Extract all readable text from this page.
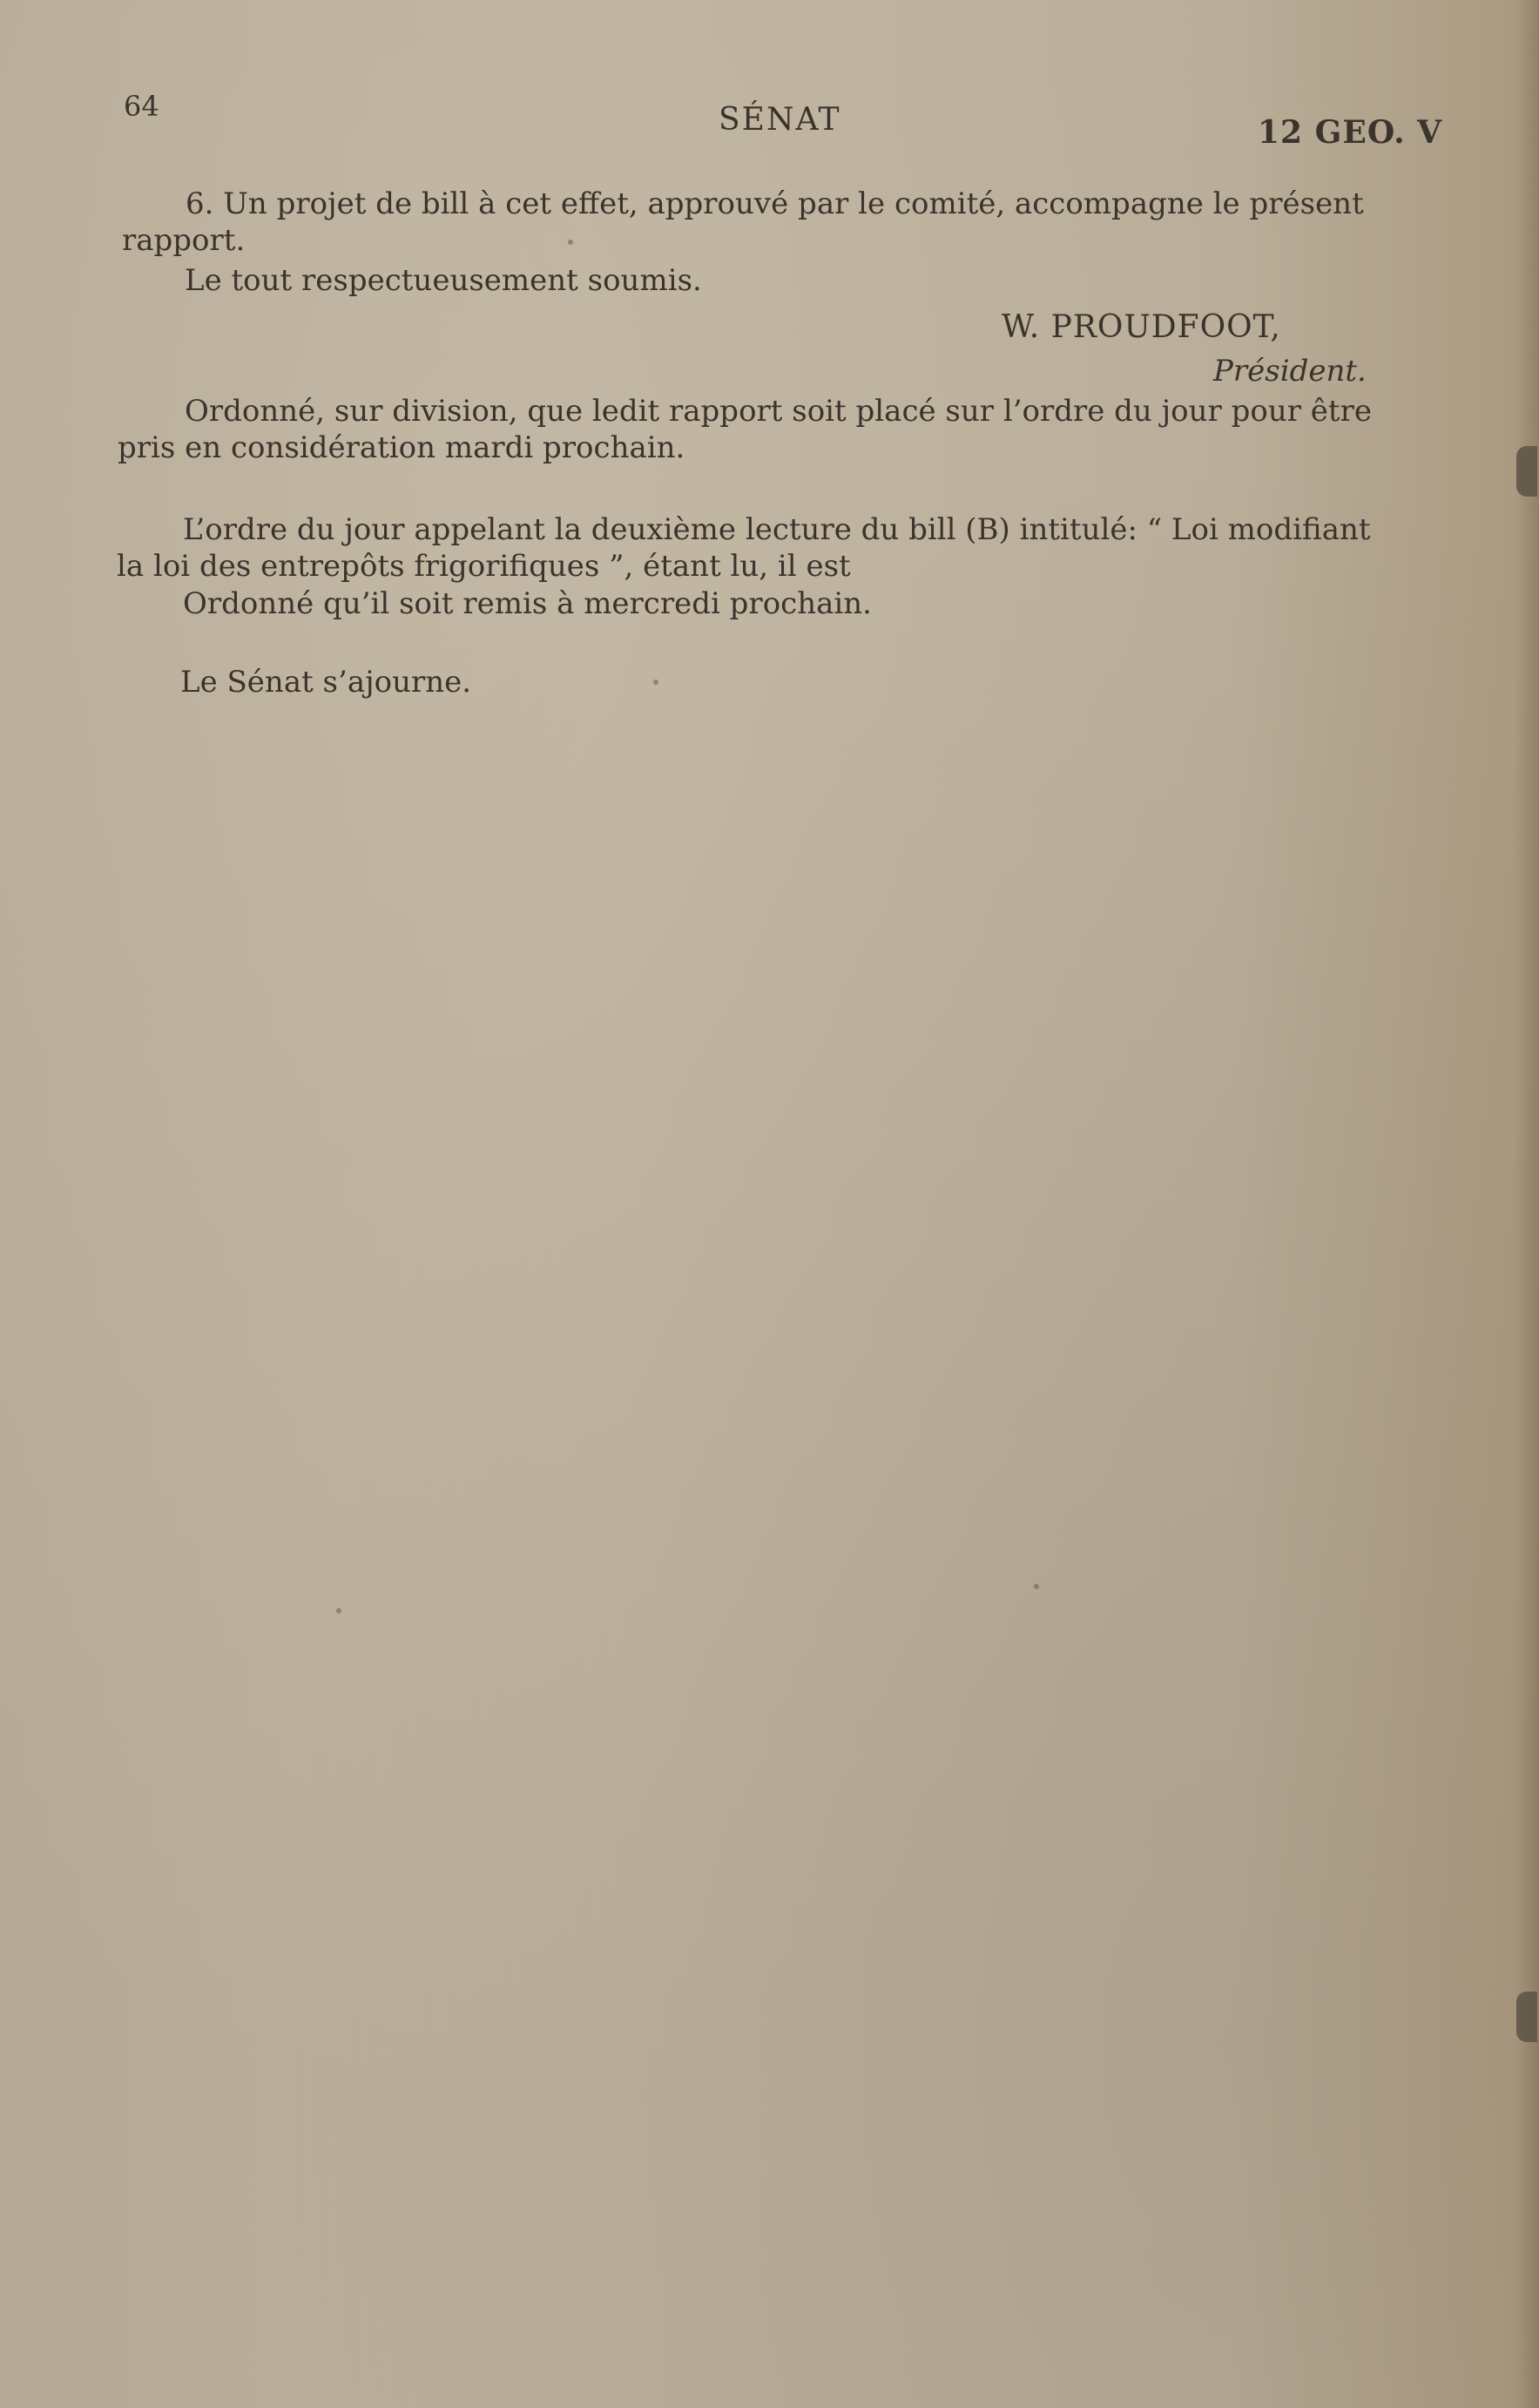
64	SÉNAT	12 GEO. V
6. Un projet de bill à cet effet, approuvé par le comité, accompagne le présent
rapport.
Le tout respectueusement soumis.
W. PROUDFOOT,
Président.
Ordonné, sur division, que ledit rapport soit placé sur l’ordre du jour pour être
pris en considération mardi prochain.
L’ordre du jour appelant la deuxième lecture du bill (B) intitulé: “ Loi modifiant
la loi des entrepôts frigorifiques ”, étant lu, il est
Ordonné qu’il soit remis à mercredi prochain.
Le Sénat s’ajourne.
